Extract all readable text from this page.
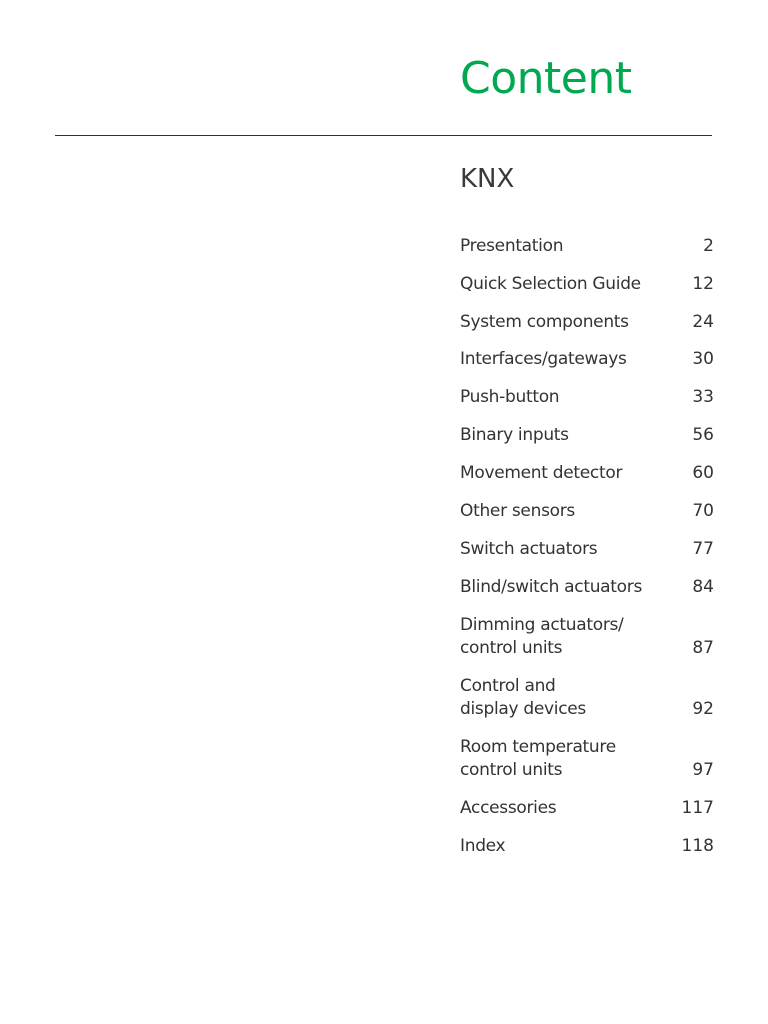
Content
KNX
Presentation	2
Quick Selection Guide	12
System components	24
Interfaces/gateways	30
Push-button	33
Binary inputs	56
Movement detector	60
Other sensors	70
Switch actuators	77
Blind/switch actuators	84
Dimming actuators/
control units	87
Control and
display devices	92
Room temperature
control units	97
Accessories	117
Index	118
